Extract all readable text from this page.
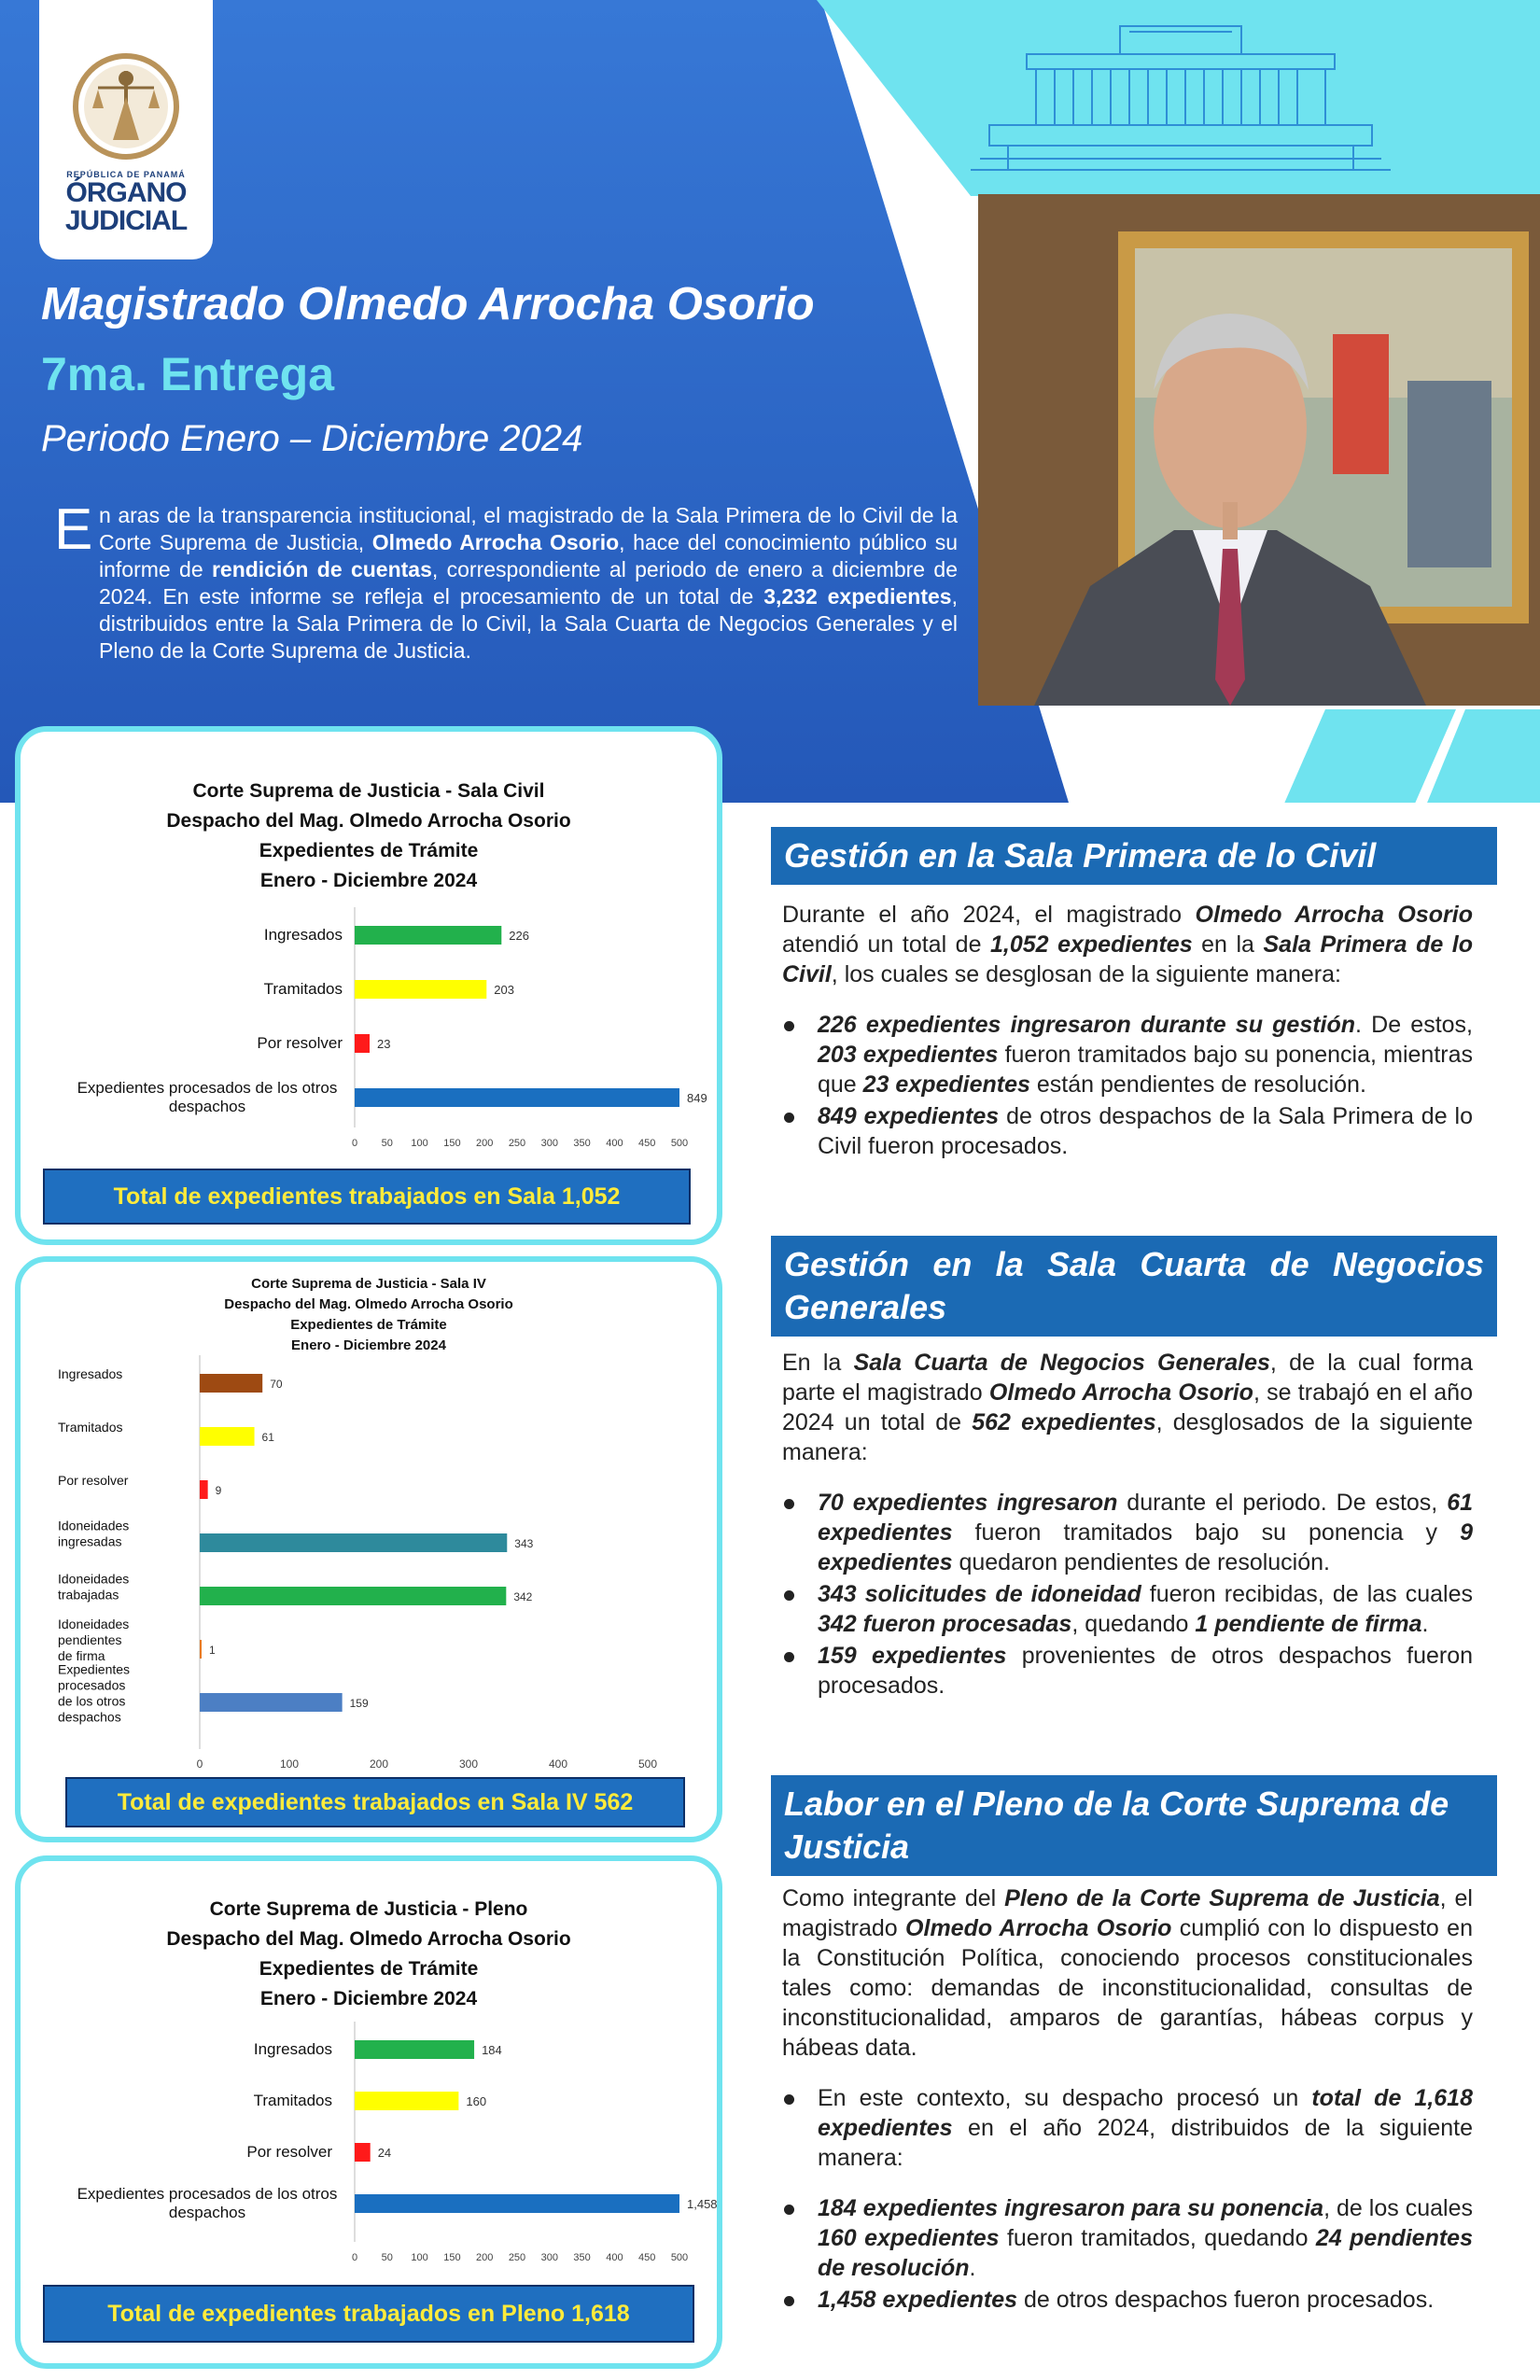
REPÚBLICA DE PANAMÁ
ÓRGANO
JUDICIAL
Magistrado Olmedo Arrocha Osorio
7ma. Entrega
Periodo Enero – Diciembre 2024
E n aras de la transparencia institucional, el magistrado de la Sala Primera de lo Civil de la Corte Suprema de Justicia, Olmedo Arrocha Osorio, hace del conocimiento público su informe de rendición de cuentas, correspondiente al periodo de enero a diciembre de 2024. En este informe se refleja el procesamiento de un total de 3,232 expedientes, distribuidos entre la Sala Primera de lo Civil, la Sala Cuarta de Negocios Generales y el Pleno de la Corte Suprema de Justicia.

Corte Suprema de Justicia - Sala Civil
Despacho del Mag. Olmedo Arrocha Osorio
Expedientes de Trámite
Enero - Diciembre 2024
0 50 100 150 200 250 300 350 400 450 500
226
Ingresados
203
Tramitados
23
Por resolver
849
Expedientes procesados de los otros despachos
Total de expedientes trabajados en Sala 1,052
Corte Suprema de Justicia - Sala IV
Despacho del Mag. Olmedo Arrocha Osorio
Expedientes de Trámite
Enero - Diciembre 2024
0	100	200	300	400	500
70
Ingresados
61
Tramitados
9
Por resolver
343
Idoneidades ingresadas
342
Idoneidades trabajadas
1
Idoneidades pendientes de firma
159
Expedientes procesados de los otros despachos
Total de expedientes trabajados en Sala IV 562
Corte Suprema de Justicia - Pleno
Despacho del Mag. Olmedo Arrocha Osorio
Expedientes de Trámite
Enero - Diciembre 2024
0 50 100 150 200 250 300 350 400 450 500
184
Ingresados
160
Tramitados
24
Por resolver
1,458
Expedientes procesados de los otros despachos
Total de expedientes trabajados en Pleno 1,618
Gestión en la Sala Primera de lo Civil

Durante el año 2024, el magistrado Olmedo Arrocha Osorio atendió un total de 1,052 expedientes en la Sala Primera de lo Civil, los cuales se desglosan de la siguiente manera:

226 expedientes ingresaron durante su gestión. De estos, 203 expedientes fueron tramitados bajo su ponencia, mientras que 23 expedientes están pendientes de resolución.
849 expedientes de otros despachos de la Sala Primera de lo Civil fueron procesados.
Gestión en la Sala Cuarta de Negocios Generales

En la Sala Cuarta de Negocios Generales, de la cual forma parte el magistrado Olmedo Arrocha Osorio, se trabajó en el año 2024 un total de 562 expedientes, desglosados de la siguiente manera:

70 expedientes ingresaron durante el periodo. De estos, 61 expedientes fueron tramitados bajo su ponencia y 9 expedientes quedaron pendientes de resolución.
343 solicitudes de idoneidad fueron recibidas, de las cuales 342 fueron procesadas, quedando 1 pendiente de firma.
159 expedientes provenientes de otros despachos fueron procesados.
Labor en el Pleno de la Corte Suprema de Justicia

Como integrante del Pleno de la Corte Suprema de Justicia, el magistrado Olmedo Arrocha Osorio cumplió con lo dispuesto en la Constitución Política, conociendo procesos constitucionales tales como: demandas de inconstitucionalidad, consultas de inconstitucionalidad, amparos de garantías, hábeas corpus y hábeas data.

En este contexto, su despacho procesó un total de 1,618 expedientes en el año 2024, distribuidos de la siguiente manera:
184 expedientes ingresaron para su ponencia, de los cuales 160 expedientes fueron tramitados, quedando 24 pendientes de resolución.
1,458 expedientes de otros despachos fueron procesados.
